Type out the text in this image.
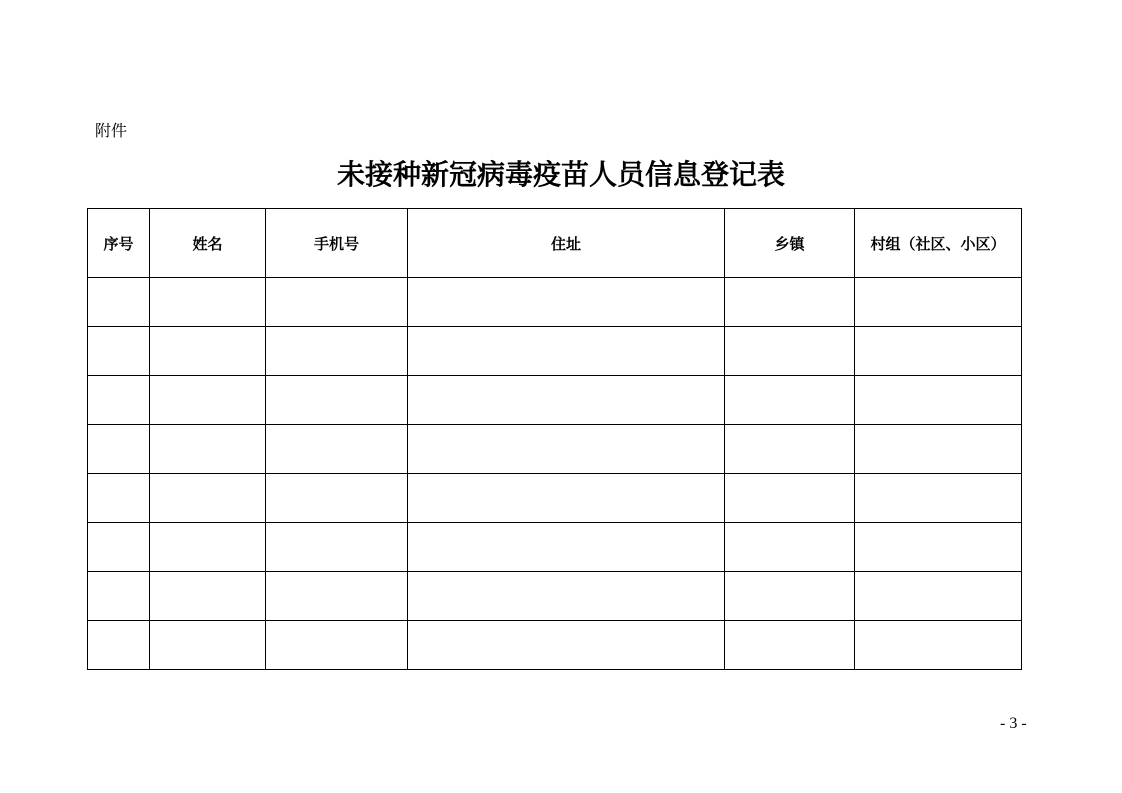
附件
未接种新冠病毒疫苗人员信息登记表
序号	姓名	手机号	住址	乡镇	村组（社区、小区）

- 3 -
